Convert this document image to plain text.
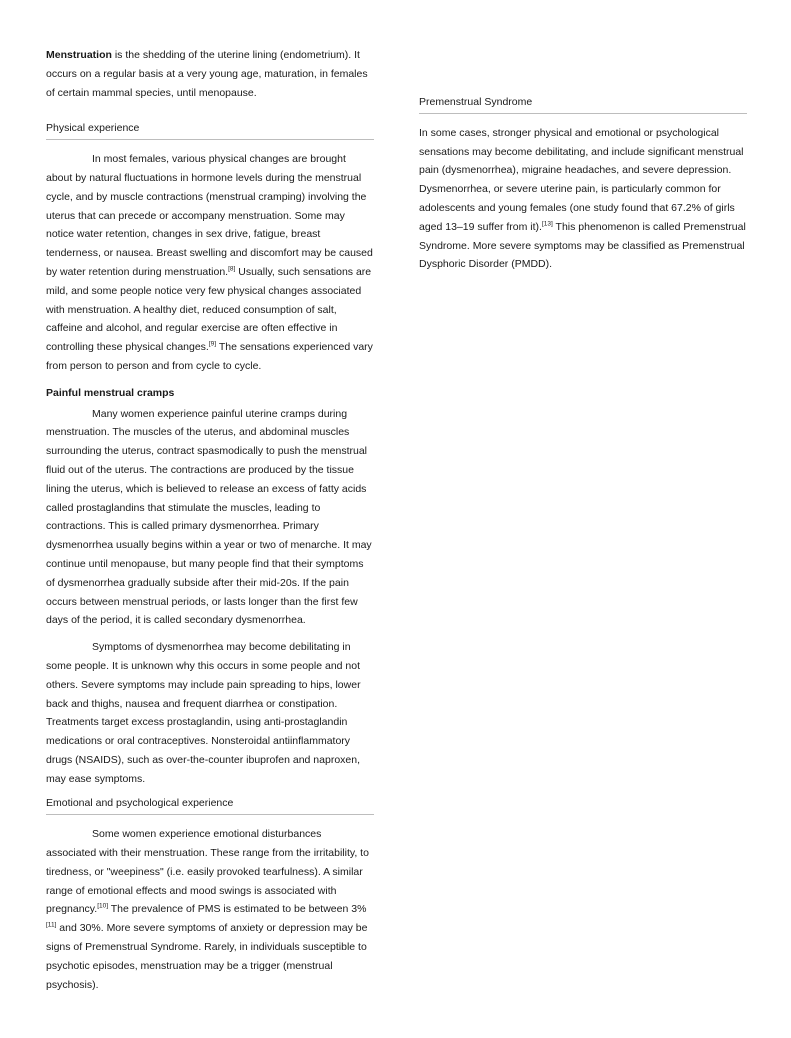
Menstruation is the shedding of the uterine lining (endometrium). It occurs on a regular basis at a very young age, maturation, in females of certain mammal species, until menopause.

Physical experience

In most females, various physical changes are brought about by natural fluctuations in hormone levels during the menstrual cycle, and by muscle contractions (menstrual cramping) involving the uterus that can precede or accompany menstruation. Some may notice water retention, changes in sex drive, fatigue, breast tenderness, or nausea. Breast swelling and discomfort may be caused by water retention during menstruation.[8] Usually, such sensations are mild, and some people notice very few physical changes associated with menstruation. A healthy diet, reduced consumption of salt, caffeine and alcohol, and regular exercise are often effective in controlling these physical changes.[9] The sensations experienced vary from person to person and from cycle to cycle.

Painful menstrual cramps

Many women experience painful uterine cramps during menstruation. The muscles of the uterus, and abdominal muscles surrounding the uterus, contract spasmodically to push the menstrual fluid out of the uterus. The contractions are produced by the tissue lining the uterus, which is believed to release an excess of fatty acids called prostaglandins that stimulate the muscles, leading to contractions. This is called primary dysmenorrhea. Primary dysmenorrhea usually begins within a year or two of menarche. It may continue until menopause, but many people find that their symptoms of dysmenorrhea gradually subside after their mid-20s. If the pain occurs between menstrual periods, or lasts longer than the first few days of the period, it is called secondary dysmenorrhea.

Symptoms of dysmenorrhea may become debilitating in some people. It is unknown why this occurs in some people and not others. Severe symptoms may include pain spreading to hips, lower back and thighs, nausea and frequent diarrhea or constipation. Treatments target excess prostaglandin, using anti-prostaglandin medications or oral contraceptives. Nonsteroidal antiinflammatory drugs (NSAIDS), such as over-the-counter ibuprofen and naproxen, may ease symptoms.

Emotional and psychological experience

Some women experience emotional disturbances associated with their menstruation. These range from the irritability, to tiredness, or "weepiness" (i.e. easily provoked tearfulness). A similar range of emotional effects and mood swings is associated with pregnancy.[10] The prevalence of PMS is estimated to be between 3%[11] and 30%. More severe symptoms of anxiety or depression may be signs of Premenstrual Syndrome. Rarely, in individuals susceptible to psychotic episodes, menstruation may be a trigger (menstrual psychosis).

Premenstrual Syndrome

In some cases, stronger physical and emotional or psychological sensations may become debilitating, and include significant menstrual pain (dysmenorrhea), migraine headaches, and severe depression. Dysmenorrhea, or severe uterine pain, is particularly common for adolescents and young females (one study found that 67.2% of girls aged 13–19 suffer from it).[13] This phenomenon is called Premenstrual Syndrome. More severe symptoms may be classified as Premenstrual Dysphoric Disorder (PMDD).
